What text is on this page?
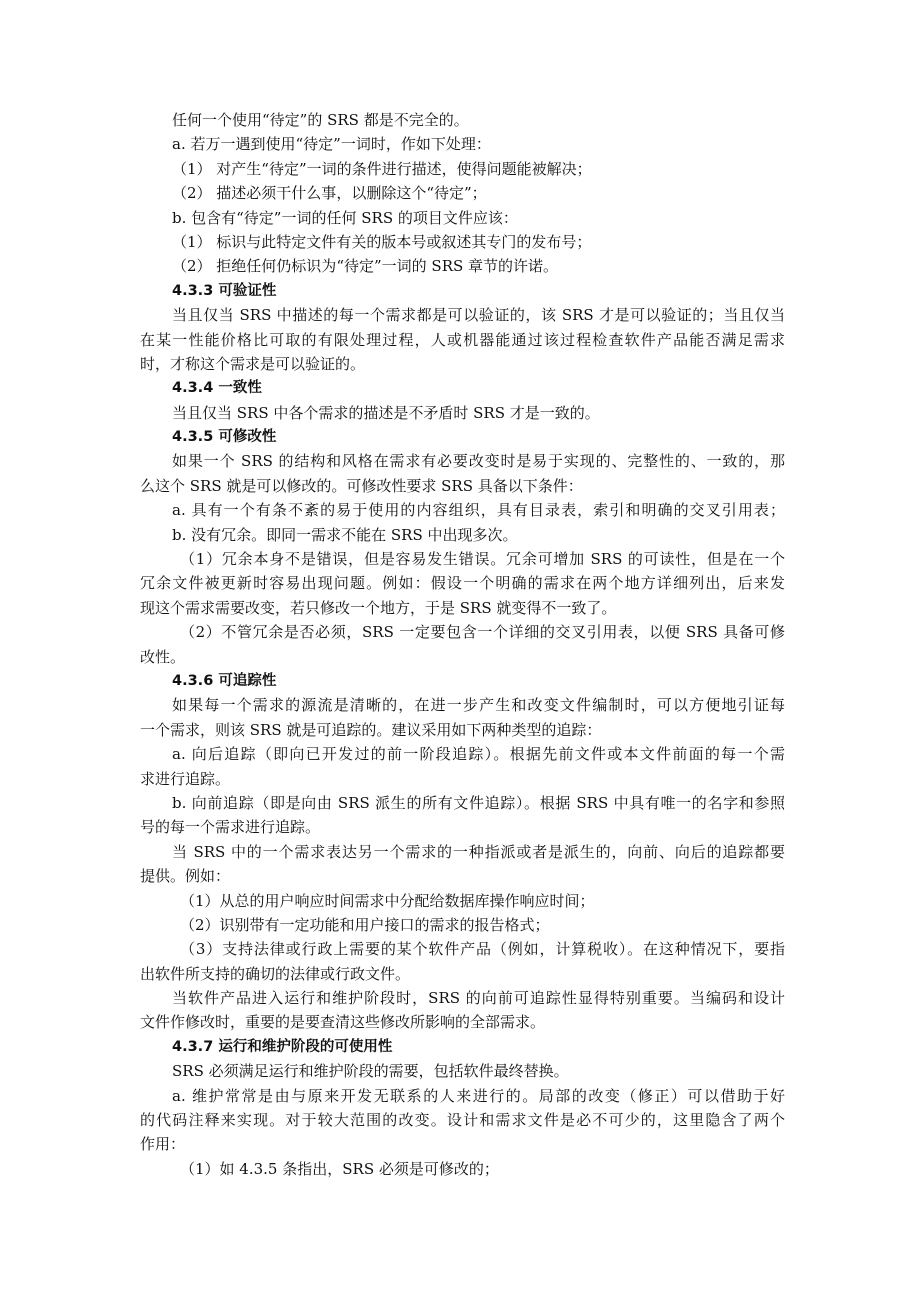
任何一个使用“待定”的 SRS 都是不完全的。
a. 若万一遇到使用“待定”一词时，作如下处理：
（1） 对产生“待定”一词的条件进行描述，使得问题能被解决；
（2） 描述必须干什么事，以删除这个“待定”；
b. 包含有“待定”一词的任何 SRS 的项目文件应该：
（1） 标识与此特定文件有关的版本号或叙述其专门的发布号；
（2） 拒绝任何仍标识为“待定”一词的 SRS 章节的许诺。
4.3.3 可验证性
当且仅当 SRS 中描述的每一个需求都是可以验证的，该 SRS 才是可以验证的；当且仅当
在某一性能价格比可取的有限处理过程，人或机器能通过该过程检查软件产品能否满足需求
时，才称这个需求是可以验证的。
4.3.4 一致性
当且仅当 SRS 中各个需求的描述是不矛盾时 SRS 才是一致的。
4.3.5 可修改性
如果一个 SRS 的结构和风格在需求有必要改变时是易于实现的、完整性的、一致的，那
么这个 SRS 就是可以修改的。可修改性要求 SRS 具备以下条件：
a. 具有一个有条不紊的易于使用的内容组织，具有目录表，索引和明确的交叉引用表；
b. 没有冗余。即同一需求不能在 SRS 中出现多次。
（1）冗余本身不是错误，但是容易发生错误。冗余可增加 SRS 的可读性，但是在一个
冗余文件被更新时容易出现问题。例如：假设一个明确的需求在两个地方详细列出，后来发
现这个需求需要改变，若只修改一个地方，于是 SRS 就变得不一致了。
（2）不管冗余是否必须，SRS 一定要包含一个详细的交叉引用表，以便 SRS 具备可修
改性。
4.3.6 可追踪性
如果每一个需求的源流是清晰的，在进一步产生和改变文件编制时，可以方便地引证每
一个需求，则该 SRS 就是可追踪的。建议采用如下两种类型的追踪：
a. 向后追踪（即向已开发过的前一阶段追踪）。根据先前文件或本文件前面的每一个需
求进行追踪。
b. 向前追踪（即是向由 SRS 派生的所有文件追踪）。根据 SRS 中具有唯一的名字和参照
号的每一个需求进行追踪。
当 SRS 中的一个需求表达另一个需求的一种指派或者是派生的，向前、向后的追踪都要
提供。例如：
（1）从总的用户响应时间需求中分配给数据库操作响应时间；
（2）识别带有一定功能和用户接口的需求的报告格式；
（3）支持法律或行政上需要的某个软件产品（例如，计算税收）。在这种情况下，要指
出软件所支持的确切的法律或行政文件。
当软件产品进入运行和维护阶段时，SRS 的向前可追踪性显得特别重要。当编码和设计
文件作修改时，重要的是要查清这些修改所影响的全部需求。
4.3.7 运行和维护阶段的可使用性
SRS 必须满足运行和维护阶段的需要，包括软件最终替换。
a. 维护常常是由与原来开发无联系的人来进行的。局部的改变（修正）可以借助于好
的代码注释来实现。对于较大范围的改变。设计和需求文件是必不可少的，这里隐含了两个
作用：
（1）如 4.3.5 条指出，SRS 必须是可修改的；
